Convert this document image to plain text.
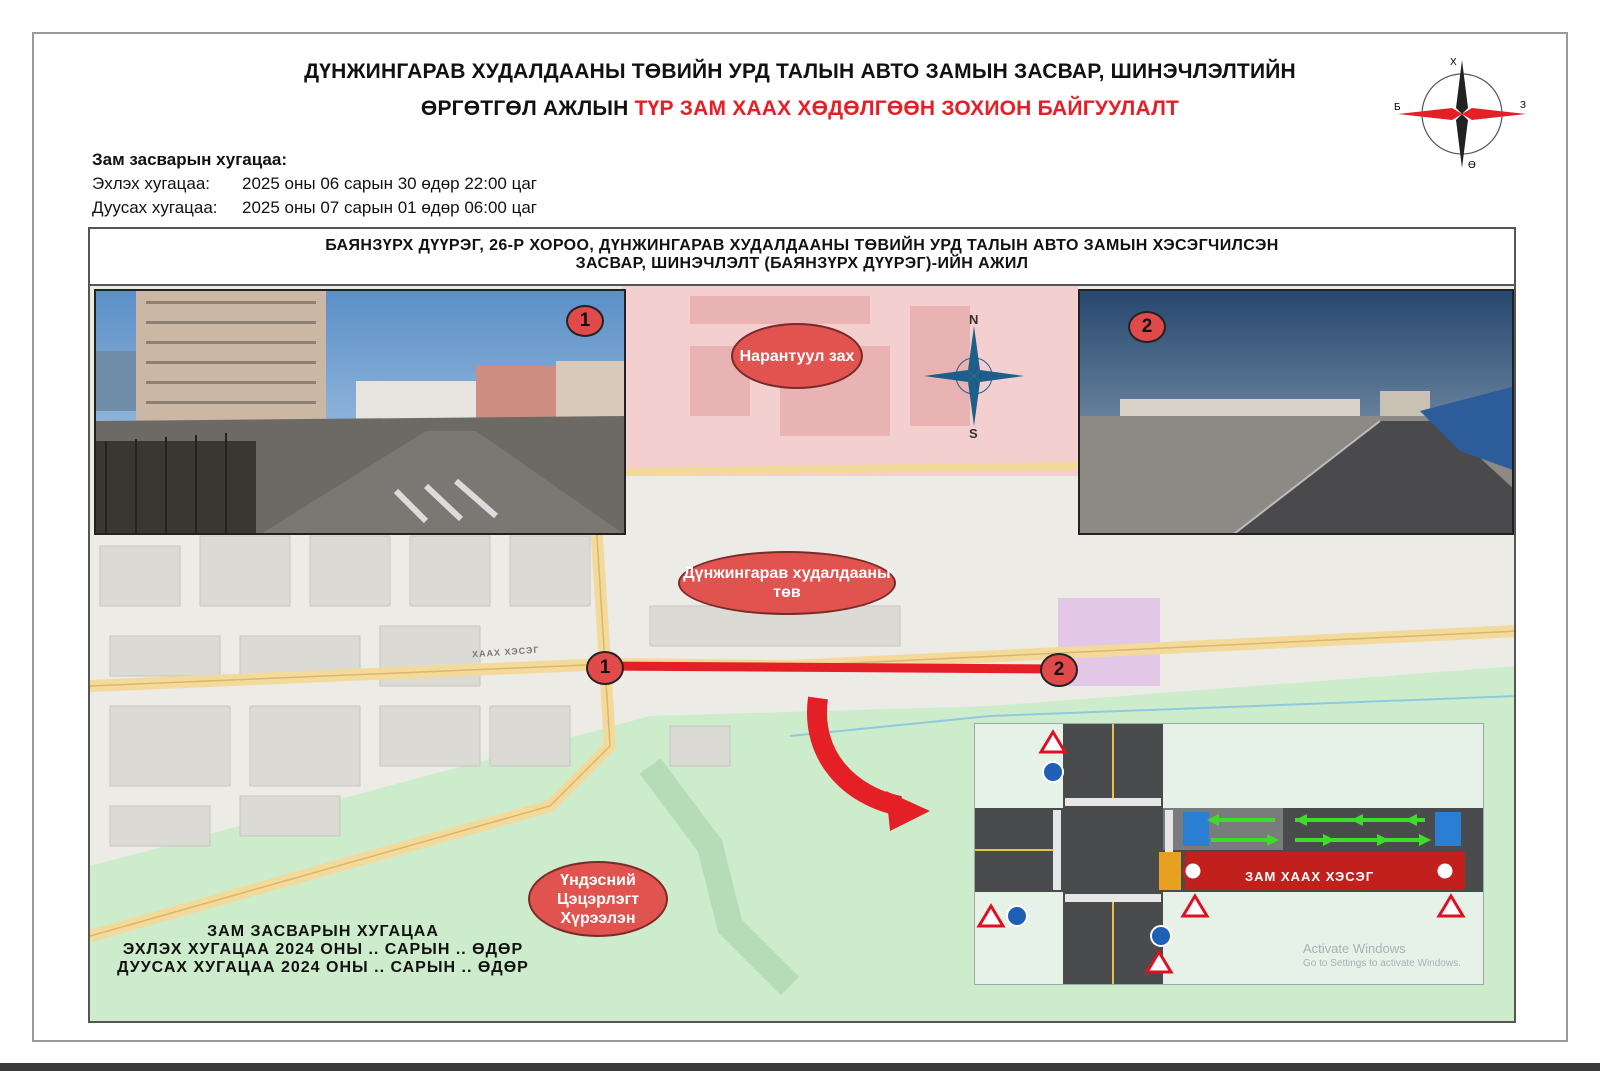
ДҮНЖИНГАРАВ ХУДАЛДААНЫ ТӨВИЙН УРД ТАЛЫН АВТО ЗАМЫН ЗАСВАР, ШИНЭЧЛЭЛТИЙН
ӨРГӨТГӨЛ АЖЛЫН ТҮР ЗАМ ХААХ ХӨДӨЛГӨӨН ЗОХИОН БАЙГУУЛАЛТ
Зам засварын хугацаа:
Эхлэх хугацаа:	2025 оны 06 сарын 30 өдөр 22:00 цаг
Дуусах хугацаа:	2025 оны 07 сарын 01 өдөр 06:00 цаг
Х
Ө
Б	З
БАЯНЗҮРХ ДҮҮРЭГ, 26-Р ХОРОО, ДҮНЖИНГАРАВ ХУДАЛДААНЫ ТӨВИЙН УРД ТАЛЫН АВТО ЗАМЫН ХЭСЭГЧИЛСЭН
ЗАСВАР, ШИНЭЧЛЭЛТ (БАЯНЗҮРХ ДҮҮРЭГ)-ИЙН АЖИЛ
N
S
1	2
Нарантуул зах
Дүнжингарав худалдааны төв
Үндэсний Цэцэрлэгт Хүрээлэн
ХААХ ХЭСЭГ
1	2
ЗАМ ЗАСВАРЫН ХУГАЦАА
ЭХЛЭХ ХУГАЦАА 2024 ОНЫ .. САРЫН .. ӨДӨР
ДУУСАХ ХУГАЦАА 2024 ОНЫ .. САРЫН .. ӨДӨР
ЗАМ ХААХ ХЭСЭГ
Activate Windows
Go to Settings to activate Windows.
